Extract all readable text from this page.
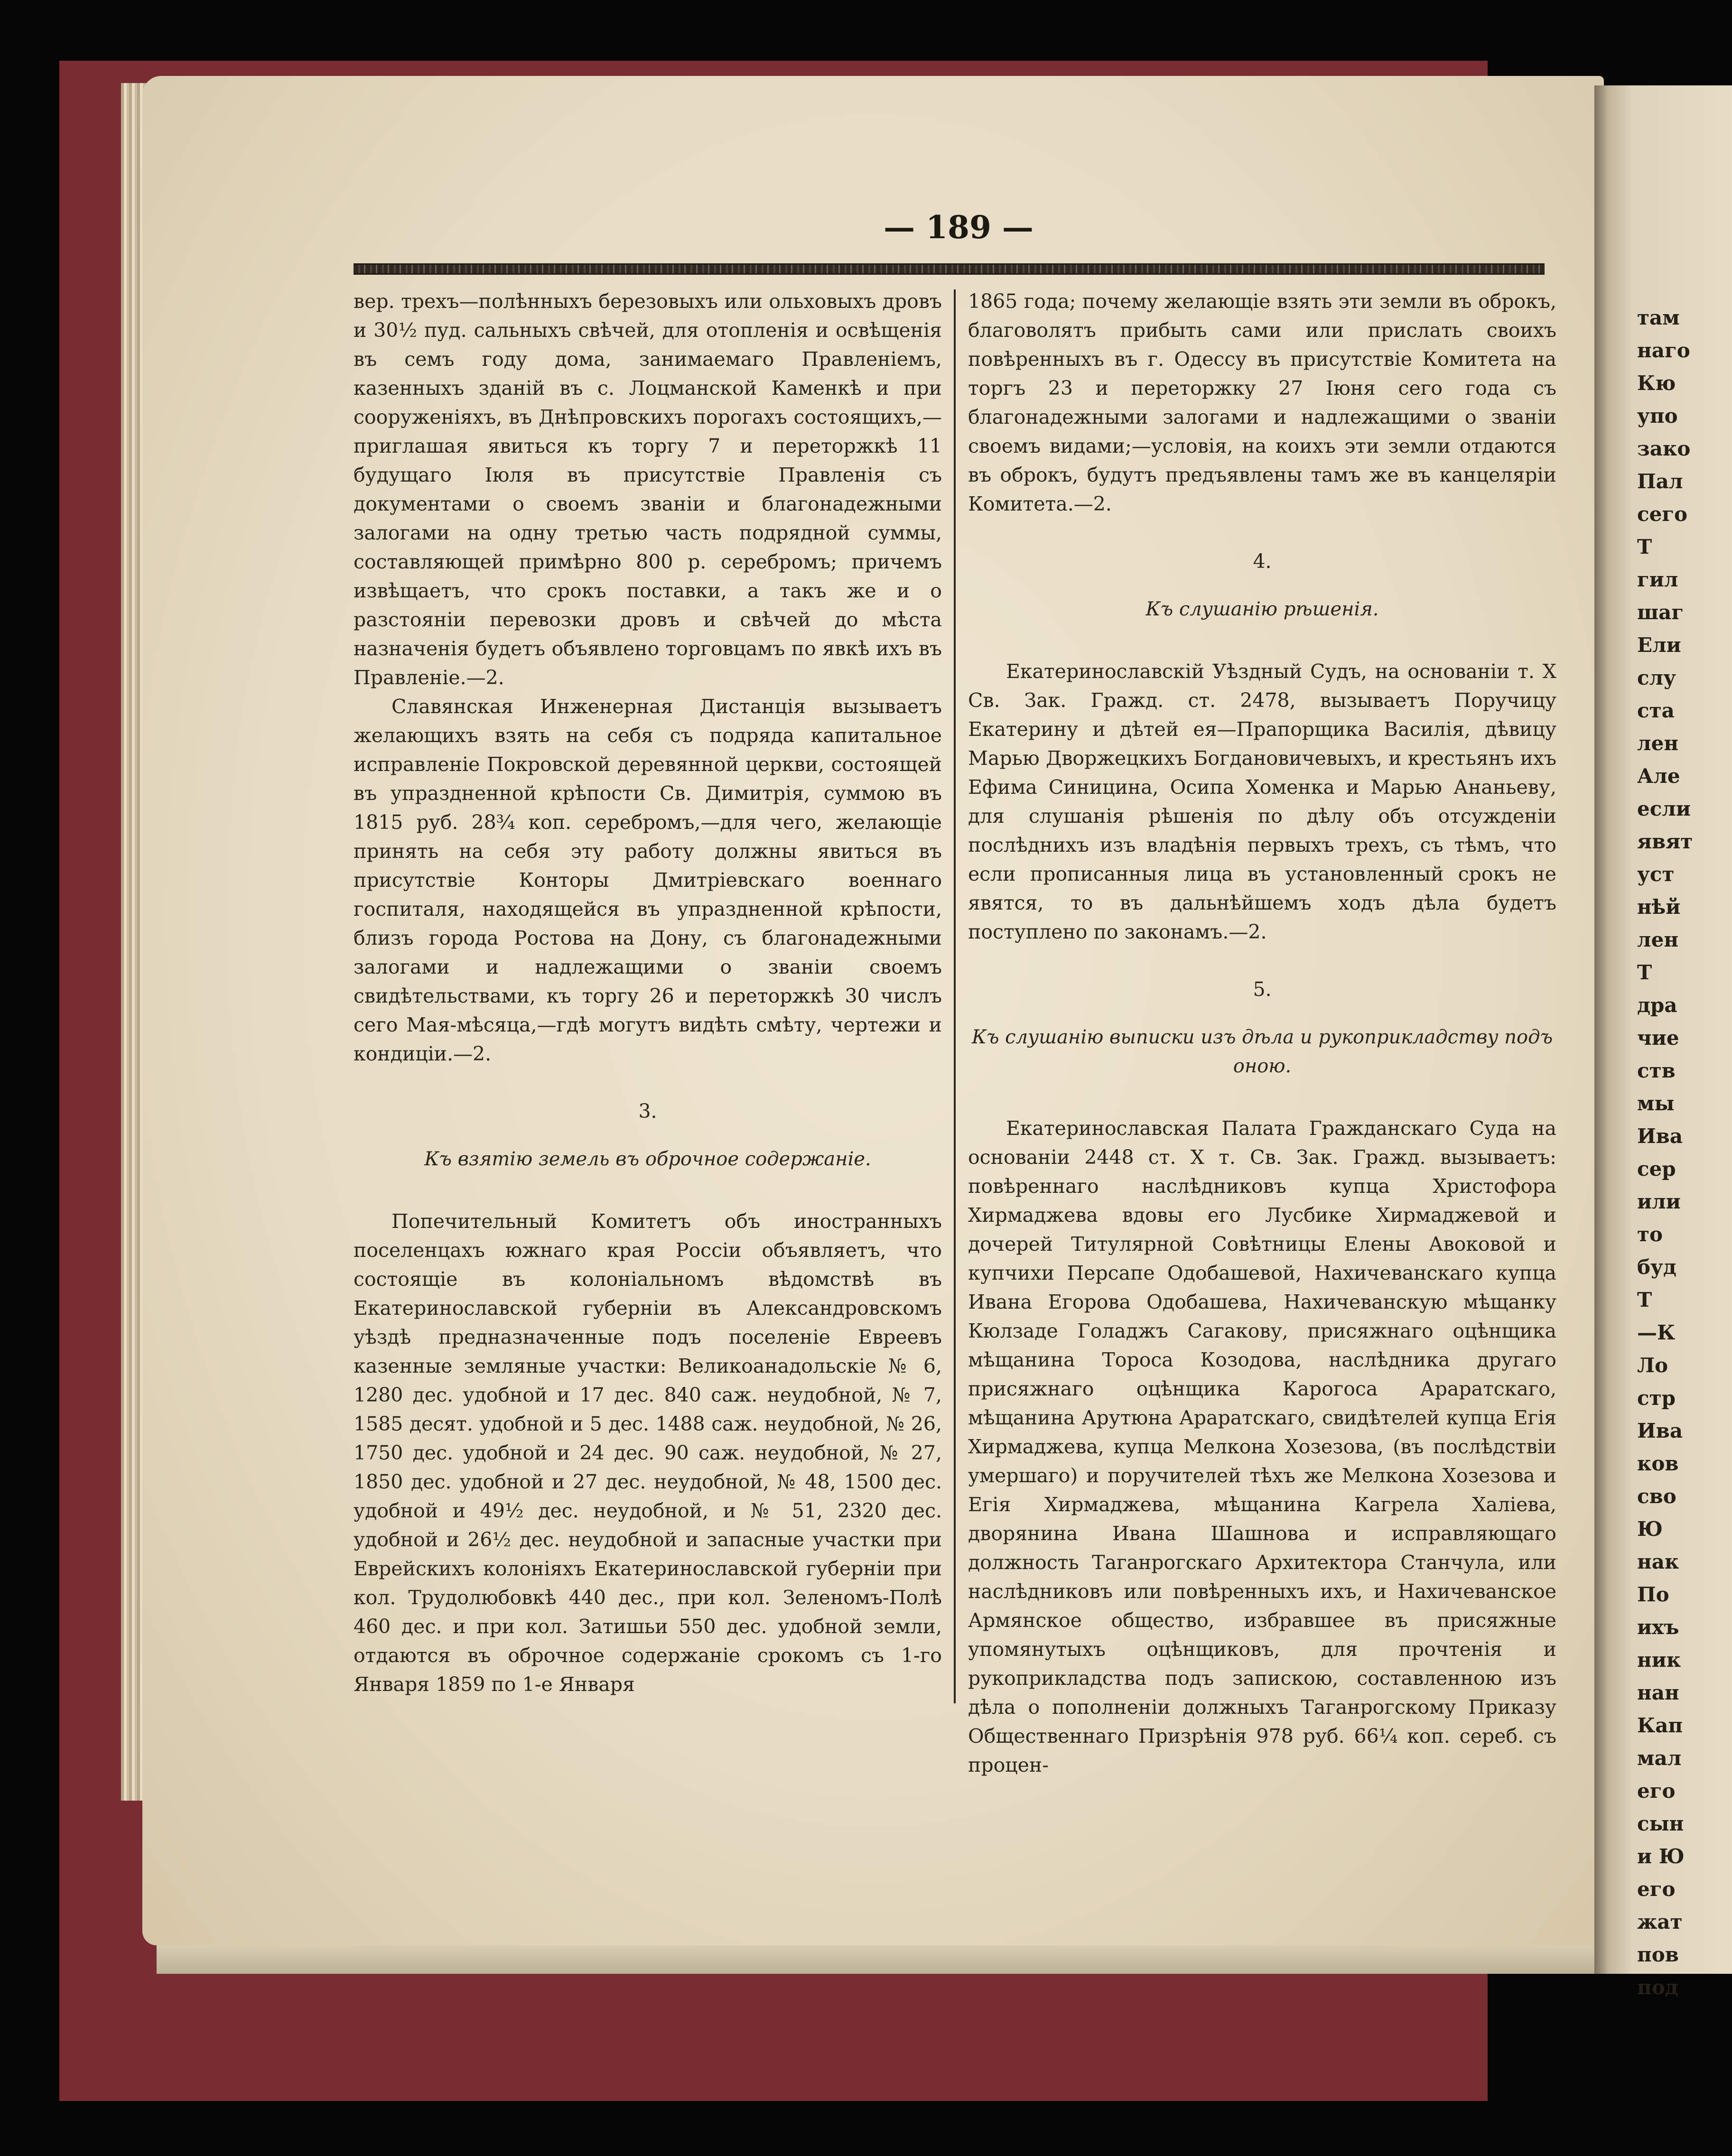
там
наго
Кю
упо
зако
Пал
сего
Т
гил
шаг
Ели
слу
ста
лен
Але
если
явят
уст
нѣй
лен
Т
дра
чие
ств
мы
Ива
сер
или
то
буд
Т
—К
Ло
стр
Ива
ков
сво
Ю
нак
По
ихъ
ник
нан
Кап
мал
его
сын
и Ю
его
жат
пов
под
— 189 —

вер. трехъ—полѣнныхъ березовыхъ или ольховыхъ дровъ и 30½ пуд. сальныхъ свѣчей, для отопленія и освѣщенія въ семъ году дома, занимаемаго Правленіемъ, казенныхъ зданій въ с. Лоцманской Каменкѣ и при сооруженіяхъ, въ Днѣпровскихъ порогахъ состоящихъ,—приглашая явиться къ торгу 7 и переторжкѣ 11 будущаго Іюля въ присутствіе Правленія съ документами о своемъ званіи и благонадежными залогами на одну третью часть подрядной суммы, составляющей примѣрно 800 р. серебромъ; причемъ извѣщаетъ, что срокъ поставки, а такъ же и о разстояніи перевозки дровъ и свѣчей до мѣста назначенія будетъ объявлено торговцамъ по явкѣ ихъ въ Правленіе.—2.

Славянская Инженерная Дистанція вызываетъ желающихъ взять на себя съ подряда капитальное исправленіе Покровской деревянной церкви, состоящей въ упраздненной крѣпости Св. Димитрія, суммою въ 1815 руб. 28¾ коп. серебромъ,—для чего, желающіе принять на себя эту работу должны явиться въ присутствіе Конторы Дмитріевскаго военнаго госпиталя, находящейся въ упраздненной крѣпости, близъ города Ростова на Дону, съ благонадежными залогами и надлежащими о званіи своемъ свидѣтельствами, къ торгу 26 и переторжкѣ 30 числъ сего Мая-мѣсяца,—гдѣ могутъ видѣть смѣту, чертежи и кондиціи.—2.

3.
Къ взятію земель въ оброчное содержаніе.

Попечительный Комитетъ объ иностранныхъ поселенцахъ южнаго края Россіи объявляетъ, что состоящіе въ колоніальномъ вѣдомствѣ въ Екатеринославской губерніи въ Александровскомъ уѣздѣ предназначенные подъ поселеніе Евреевъ казенные земляные участки: Великоанадольскіе № 6, 1280 дес. удобной и 17 дес. 840 саж. неудобной, № 7, 1585 десят. удобной и 5 дес. 1488 саж. неудобной, № 26, 1750 дес. удобной и 24 дес. 90 саж. неудобной, № 27, 1850 дес. удобной и 27 дес. неудобной, № 48, 1500 дес. удобной и 49½ дес. неудобной, и № 51, 2320 дес. удобной и 26½ дес. неудобной и запасные участки при Еврейскихъ колоніяхъ Екатеринославской губерніи при кол. Трудолюбовкѣ 440 дес., при кол. Зеленомъ-Полѣ 460 дес. и при кол. Затишьи 550 дес. удобной земли, отдаются въ оброчное содержаніе срокомъ съ 1-го Января 1859 по 1-е Января

1865 года; почему желающіе взять эти земли въ оброкъ, благоволятъ прибыть сами или прислать своихъ повѣренныхъ въ г. Одессу въ присутствіе Комитета на торгъ 23 и переторжку 27 Іюня сего года съ благонадежными залогами и надлежащими о званіи своемъ видами;—условія, на коихъ эти земли отдаются въ оброкъ, будутъ предъявлены тамъ же въ канцеляріи Комитета.—2.

4.
Къ слушанію рѣшенія.

Екатеринославскій Уѣздный Судъ, на основаніи т. X Св. Зак. Гражд. ст. 2478, вызываетъ Поручицу Екатерину и дѣтей ея—Прапорщика Василія, дѣвицу Марью Дворжецкихъ Богдановичевыхъ, и крестьянъ ихъ Ефима Синицина, Осипа Хоменка и Марью Ананьеву, для слушанія рѣшенія по дѣлу объ отсужденіи послѣднихъ изъ владѣнія первыхъ трехъ, съ тѣмъ, что если прописанныя лица въ установленный срокъ не явятся, то въ дальнѣйшемъ ходъ дѣла будетъ поступлено по законамъ.—2.

5.
Къ слушанію выписки изъ дѣла и рукоприкладству подъ оною.

Екатеринославская Палата Гражданскаго Суда на основаніи 2448 ст. X т. Св. Зак. Гражд. вызываетъ: повѣреннаго наслѣдниковъ купца Христофора Хирмаджева вдовы его Лусбике Хирмаджевой и дочерей Титулярной Совѣтницы Елены Авоковой и купчихи Персапе Одобашевой, Нахичеванскаго купца Ивана Егорова Одобашева, Нахичеванскую мѣщанку Кюлзаде Голаджъ Сагакову, присяжнаго оцѣнщика мѣщанина Тороса Козодова, наслѣдника другаго присяжнаго оцѣнщика Карогоса Араратскаго, мѣщанина Арутюна Араратскаго, свидѣтелей купца Егія Хирмаджева, купца Мелкона Хозезова, (въ послѣдствіи умершаго) и поручителей тѣхъ же Мелкона Хозезова и Егія Хирмаджева, мѣщанина Кагрела Халіева, дворянина Ивана Шашнова и исправляющаго должность Таганрогскаго Архитектора Станчула, или наслѣдниковъ или повѣренныхъ ихъ, и Нахичеванское Армянское общество, избравшее въ присяжные упомянутыхъ оцѣнщиковъ, для прочтенія и рукоприкладства подъ запискою, составленною изъ дѣла о пополненіи должныхъ Таганрогскому Приказу Общественнаго Призрѣнія 978 руб. 66¼ коп. сереб. съ процен-
